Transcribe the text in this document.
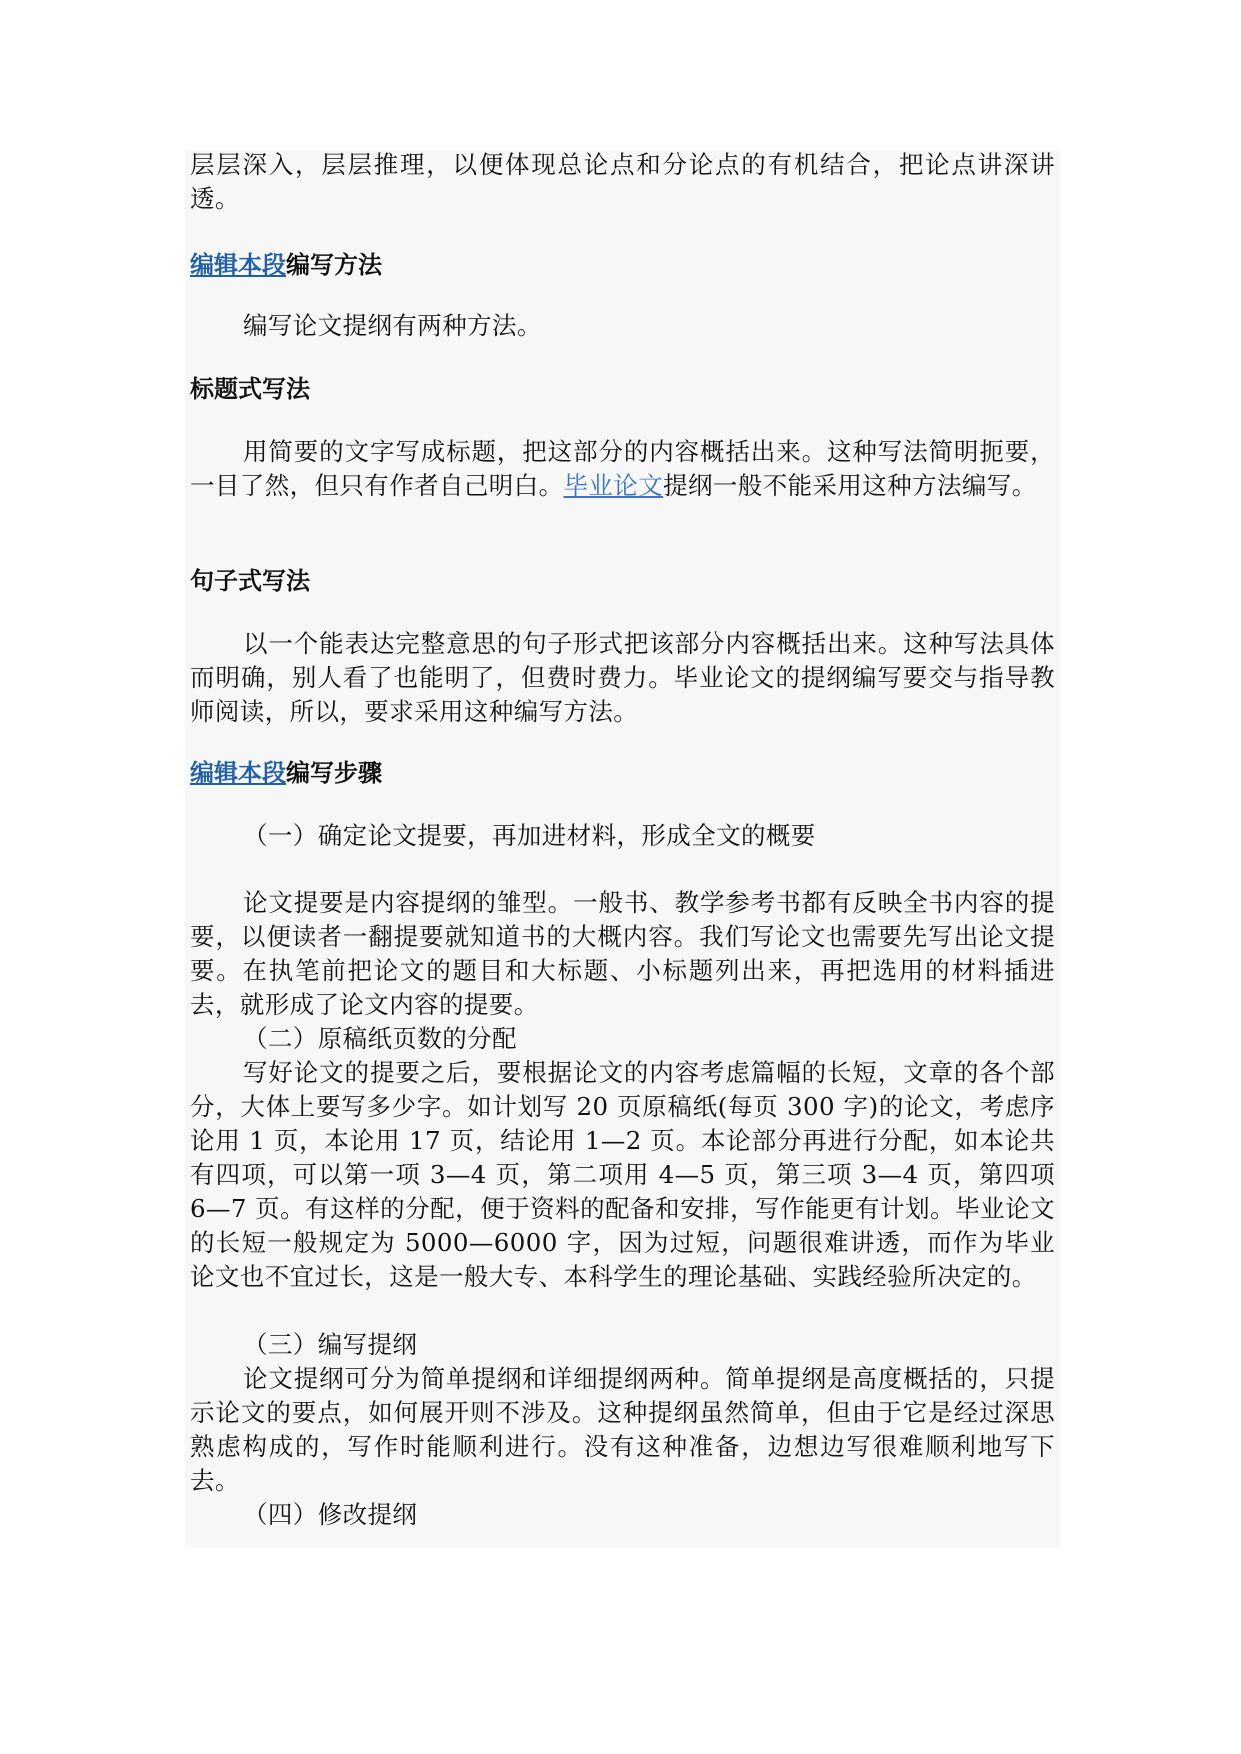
层层深入，层层推理，以便体现总论点和分论点的有机结合，把论点讲深讲透。

编辑本段编写方法

编写论文提纲有两种方法。

标题式写法

用简要的文字写成标题，把这部分的内容概括出来。这种写法简明扼要，一目了然，但只有作者自己明白。毕业论文提纲一般不能采用这种方法编写。

句子式写法

以一个能表达完整意思的句子形式把该部分内容概括出来。这种写法具体而明确，别人看了也能明了，但费时费力。毕业论文的提纲编写要交与指导教师阅读，所以，要求采用这种编写方法。

编辑本段编写步骤

（一）确定论文提要，再加进材料，形成全文的概要

论文提要是内容提纲的雏型。一般书、教学参考书都有反映全书内容的提要，以便读者一翻提要就知道书的大概内容。我们写论文也需要先写出论文提要。在执笔前把论文的题目和大标题、小标题列出来，再把选用的材料插进去，就形成了论文内容的提要。

（二）原稿纸页数的分配

写好论文的提要之后，要根据论文的内容考虑篇幅的长短，文章的各个部分，大体上要写多少字。如计划写 20 页原稿纸(每页 300 字)的论文，考虑序论用 1 页，本论用 17 页，结论用 1—2 页。本论部分再进行分配，如本论共有四项，可以第一项 3—4 页，第二项用 4—5 页，第三项 3—4 页，第四项 6—7 页。有这样的分配，便于资料的配备和安排，写作能更有计划。毕业论文的长短一般规定为 5000—6000 字，因为过短，问题很难讲透，而作为毕业论文也不宜过长，这是一般大专、本科学生的理论基础、实践经验所决定的。

（三）编写提纲

论文提纲可分为简单提纲和详细提纲两种。简单提纲是高度概括的，只提示论文的要点，如何展开则不涉及。这种提纲虽然简单，但由于它是经过深思熟虑构成的，写作时能顺利进行。没有这种准备，边想边写很难顺利地写下去。

（四）修改提纲
